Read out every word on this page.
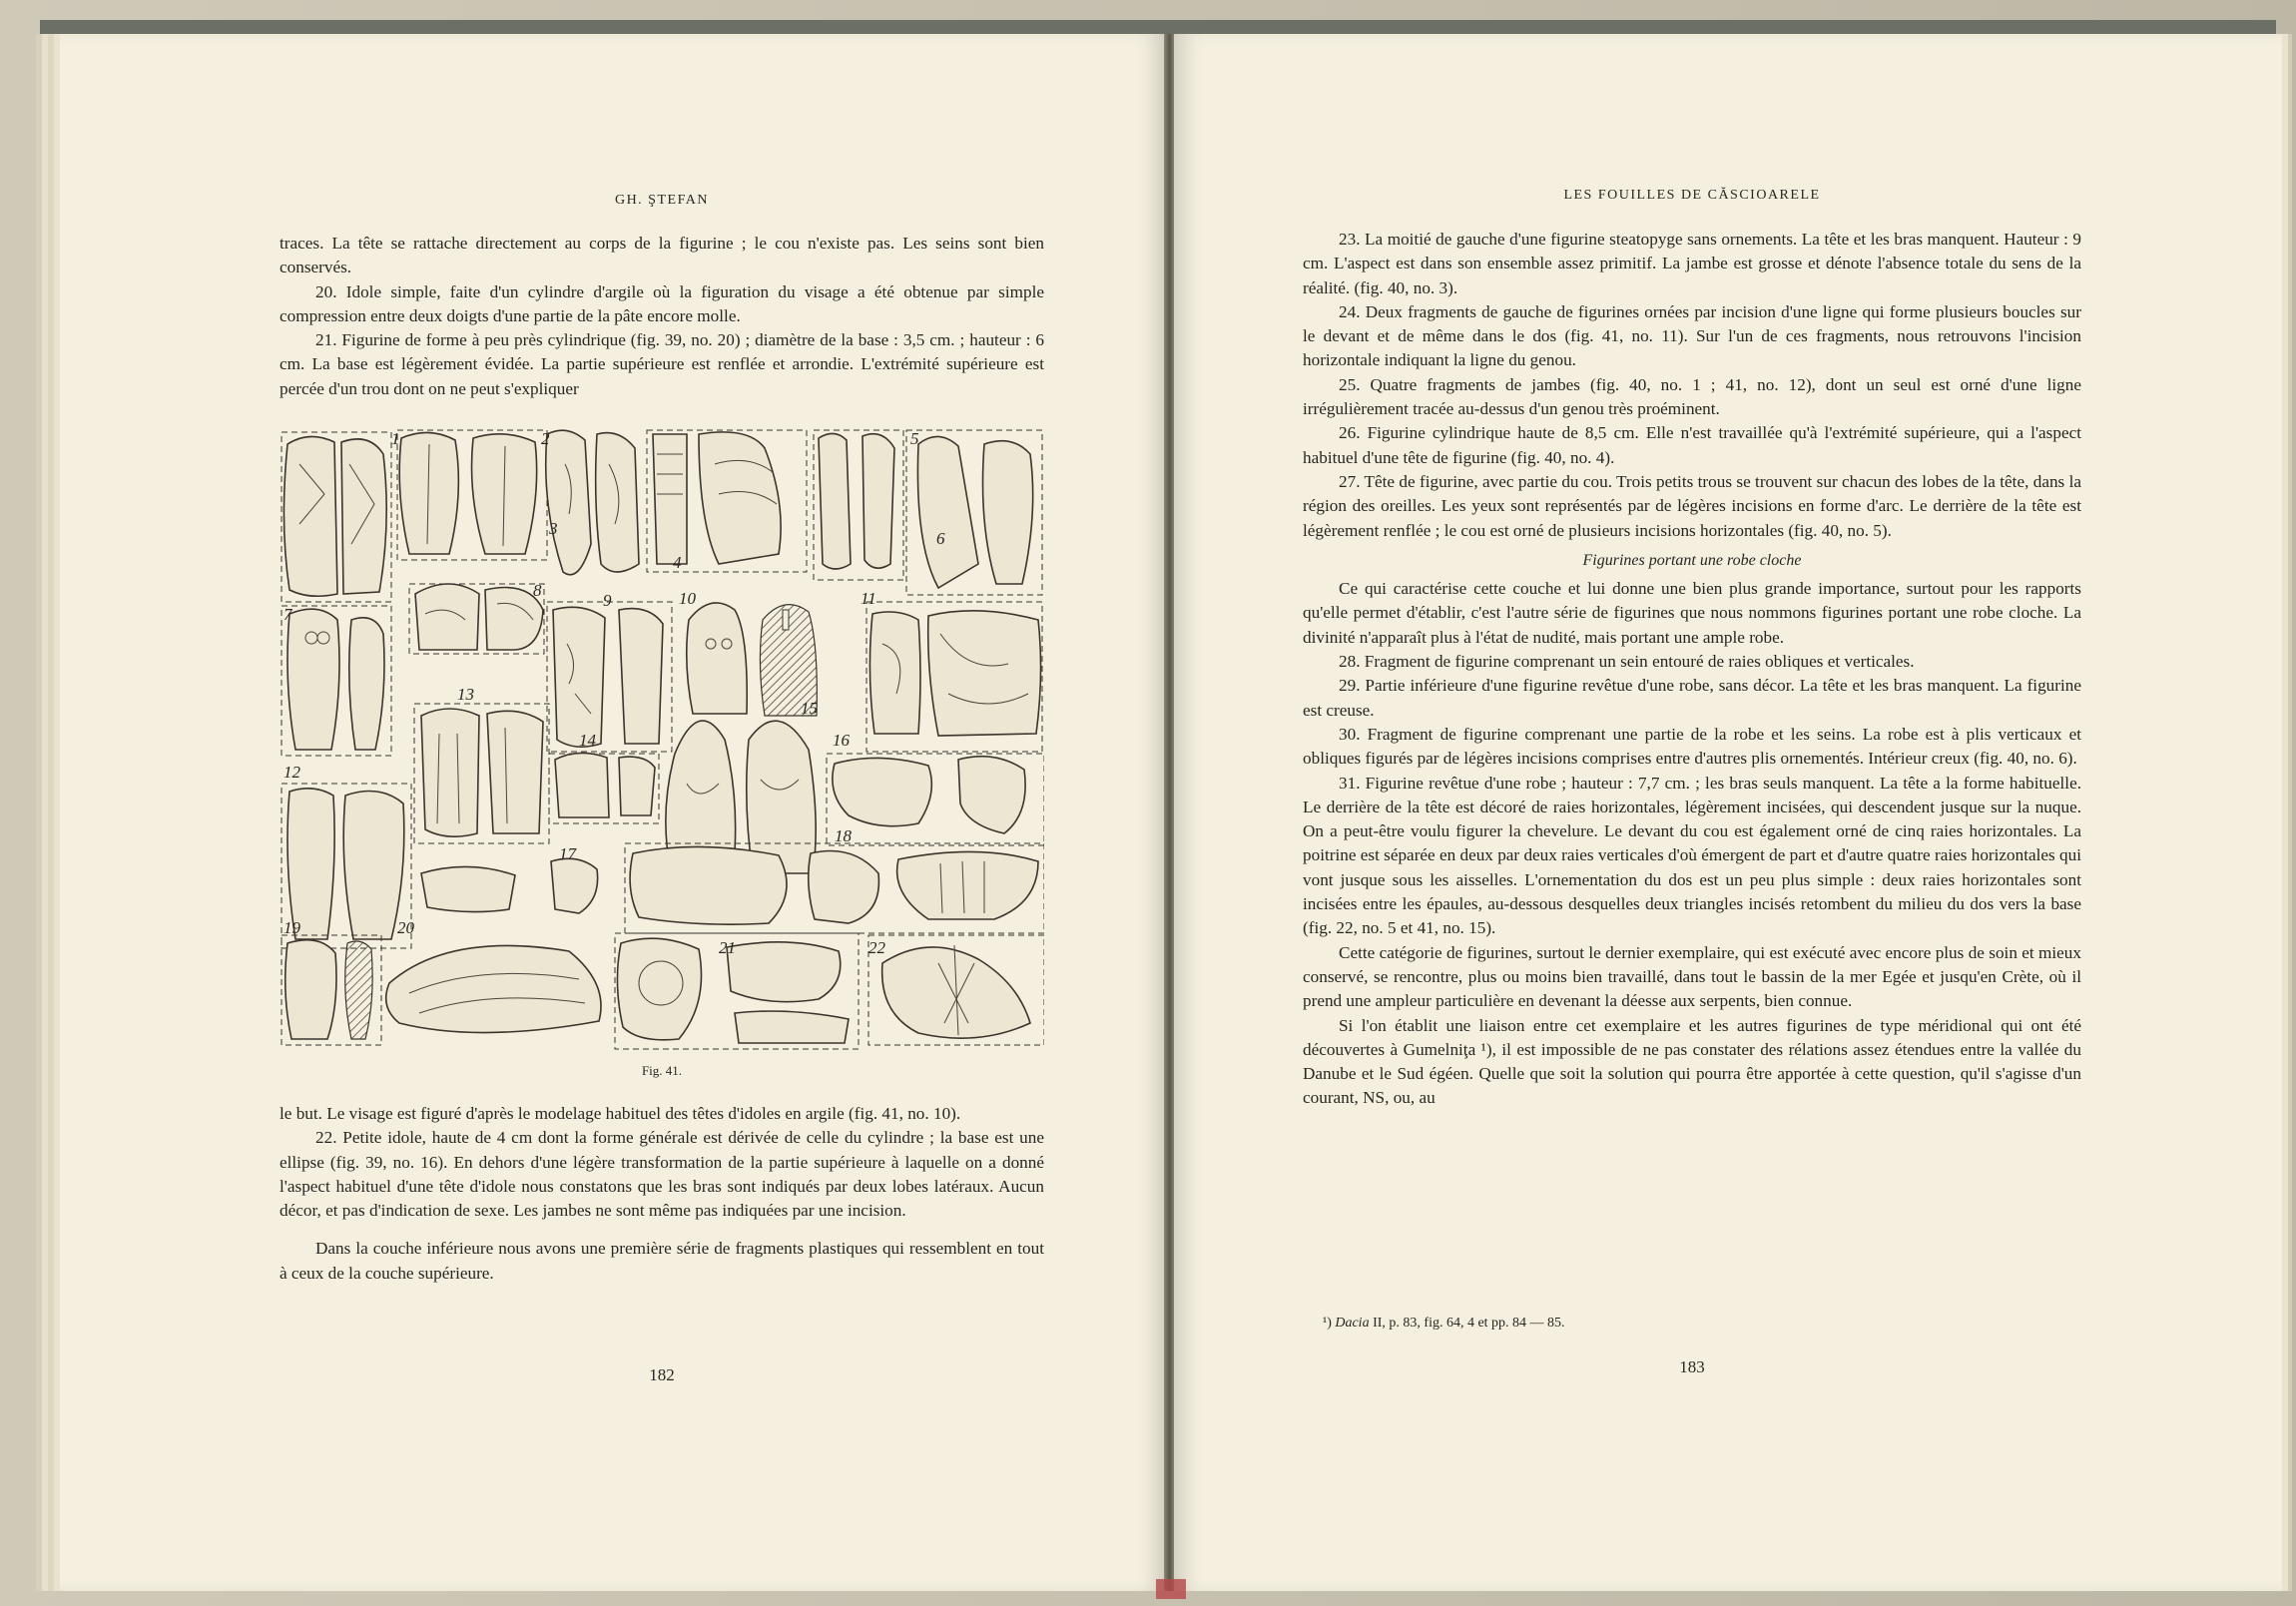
GH. ŞTEFAN

traces. La tête se rattache directement au corps de la figurine ; le cou n'existe pas. Les seins sont bien conservés.

20. Idole simple, faite d'un cylindre d'argile où la figuration du visage a été obtenue par simple compression entre deux doigts d'une partie de la pâte encore molle.

21. Figurine de forme à peu près cylindrique (fig. 39, no. 20) ; diamètre de la base : 3,5 cm. ; hauteur : 6 cm. La base est légèrement évidée. La partie supérieure est renflée et arrondie. L'extrémité supérieure est percée d'un trou dont on ne peut s'expliquer

1	2
3
4
5
6
7
8
9	10	11
12
13
14
15
16
17
18
19	20
21	22
Fig. 41.

le but. Le visage est figuré d'après le modelage habituel des têtes d'idoles en argile (fig. 41, no. 10).

22. Petite idole, haute de 4 cm dont la forme générale est dérivée de celle du cylindre ; la base est une ellipse (fig. 39, no. 16). En dehors d'une légère transformation de la partie supérieure à laquelle on a donné l'aspect habituel d'une tête d'idole nous constatons que les bras sont indiqués par deux lobes latéraux. Aucun décor, et pas d'indication de sexe. Les jambes ne sont même pas indiquées par une incision.

Dans la couche inférieure nous avons une première série de fragments plastiques qui ressemblent en tout à ceux de la couche supérieure.

182
LES FOUILLES DE CĂSCIOARELE

23. La moitié de gauche d'une figurine steatopyge sans ornements. La tête et les bras manquent. Hauteur : 9 cm. L'aspect est dans son ensemble assez primitif. La jambe est grosse et dénote l'absence totale du sens de la réalité. (fig. 40, no. 3).

24. Deux fragments de gauche de figurines ornées par incision d'une ligne qui forme plusieurs boucles sur le devant et de même dans le dos (fig. 41, no. 11). Sur l'un de ces fragments, nous retrouvons l'incision horizontale indiquant la ligne du genou.

25. Quatre fragments de jambes (fig. 40, no. 1 ; 41, no. 12), dont un seul est orné d'une ligne irrégulièrement tracée au-dessus d'un genou très proéminent.

26. Figurine cylindrique haute de 8,5 cm. Elle n'est travaillée qu'à l'extrémité supérieure, qui a l'aspect habituel d'une tête de figurine (fig. 40, no. 4).

27. Tête de figurine, avec partie du cou. Trois petits trous se trouvent sur chacun des lobes de la tête, dans la région des oreilles. Les yeux sont représentés par de légères incisions en forme d'arc. Le derrière de la tête est légèrement renflée ; le cou est orné de plusieurs incisions horizontales (fig. 40, no. 5).

Figurines portant une robe cloche

Ce qui caractérise cette couche et lui donne une bien plus grande importance, surtout pour les rapports qu'elle permet d'établir, c'est l'autre série de figurines que nous nommons figurines portant une robe cloche. La divinité n'apparaît plus à l'état de nudité, mais portant une ample robe.

28. Fragment de figurine comprenant un sein entouré de raies obliques et verticales.

29. Partie inférieure d'une figurine revêtue d'une robe, sans décor. La tête et les bras manquent. La figurine est creuse.

30. Fragment de figurine comprenant une partie de la robe et les seins. La robe est à plis verticaux et obliques figurés par de légères incisions comprises entre d'autres plis ornementés. Intérieur creux (fig. 40, no. 6).

31. Figurine revêtue d'une robe ; hauteur : 7,7 cm. ; les bras seuls manquent. La tête a la forme habituelle. Le derrière de la tête est décoré de raies horizontales, légèrement incisées, qui descendent jusque sur la nuque. On a peut-être voulu figurer la chevelure. Le devant du cou est également orné de cinq raies horizontales. La poitrine est séparée en deux par deux raies verticales d'où émergent de part et d'autre quatre raies horizontales qui vont jusque sous les aisselles. L'ornementation du dos est un peu plus simple : deux raies horizontales sont incisées entre les épaules, au-dessous desquelles deux triangles incisés retombent du milieu du dos vers la base (fig. 22, no. 5 et 41, no. 15).

Cette catégorie de figurines, surtout le dernier exemplaire, qui est exécuté avec encore plus de soin et mieux conservé, se rencontre, plus ou moins bien travaillé, dans tout le bassin de la mer Egée et jusqu'en Crète, où il prend une ampleur particulière en devenant la déesse aux serpents, bien connue.

Si l'on établit une liaison entre cet exemplaire et les autres figurines de type méridional qui ont été découvertes à Gumelniţa ¹), il est impossible de ne pas constater des rélations assez étendues entre la vallée du Danube et le Sud égéen. Quelle que soit la solution qui pourra être apportée à cette question, qu'il s'agisse d'un courant, NS, ou, au

¹) Dacia II, p. 83, fig. 64, 4 et pp. 84 — 85.
183
